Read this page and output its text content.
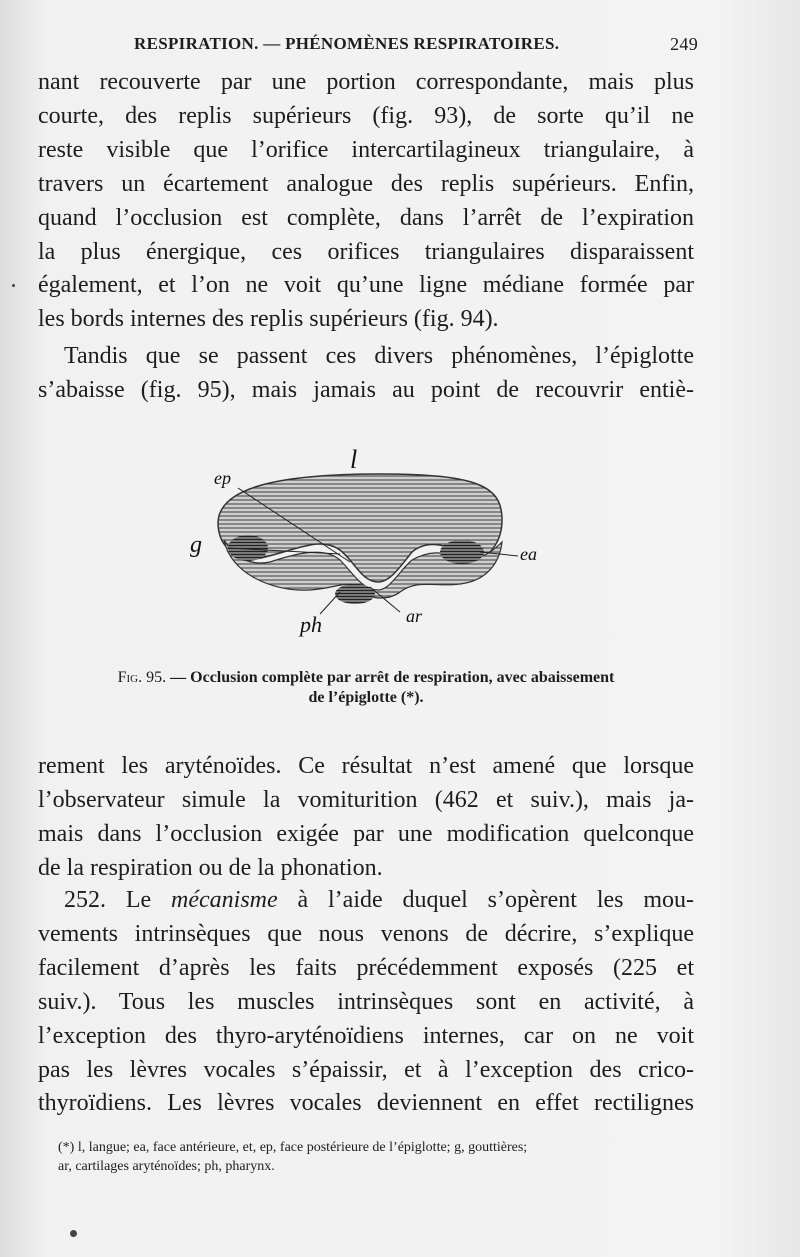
RESPIRATION. — PHÉNOMÈNES RESPIRATOIRES.	249
nant recouverte par une portion correspondante, mais plus
courte, des replis supérieurs (fig. 93), de sorte qu’il ne
reste visible que l’orifice intercartilagineux triangulaire, à
travers un écartement analogue des replis supérieurs. Enfin,
quand l’occlusion est complète, dans l’arrêt de l’expiration
la plus énergique, ces orifices triangulaires disparaissent
également, et l’on ne voit qu’une ligne médiane formée par
les bords internes des replis supérieurs (fig. 94).
Tandis que se passent ces divers phénomènes, l’épiglotte
s’abaisse (fig. 95), mais jamais au point de recouvrir entiè-
l
ep
g	ea
ph	ar
Fig. 95. — Occlusion complète par arrêt de respiration, avec abaissement
de l’épiglotte (*).
rement les aryténoïdes. Ce résultat n’est amené que lorsque
l’observateur simule la vomiturition (462 et suiv.), mais ja-
mais dans l’occlusion exigée par une modification quelconque
de la respiration ou de la phonation.
252. Le mécanisme à l’aide duquel s’opèrent les mou-
vements intrinsèques que nous venons de décrire, s’explique
facilement d’après les faits précédemment exposés (225 et
suiv.). Tous les muscles intrinsèques sont en activité, à
l’exception des thyro-aryténoïdiens internes, car on ne voit
pas les lèvres vocales s’épaissir, et à l’exception des crico-
thyroïdiens. Les lèvres vocales deviennent en effet rectilignes
(*) l, langue; ea, face antérieure, et, ep, face postérieure de l’épiglotte; g, gouttières;
ar, cartilages aryténoïdes; ph, pharynx.
